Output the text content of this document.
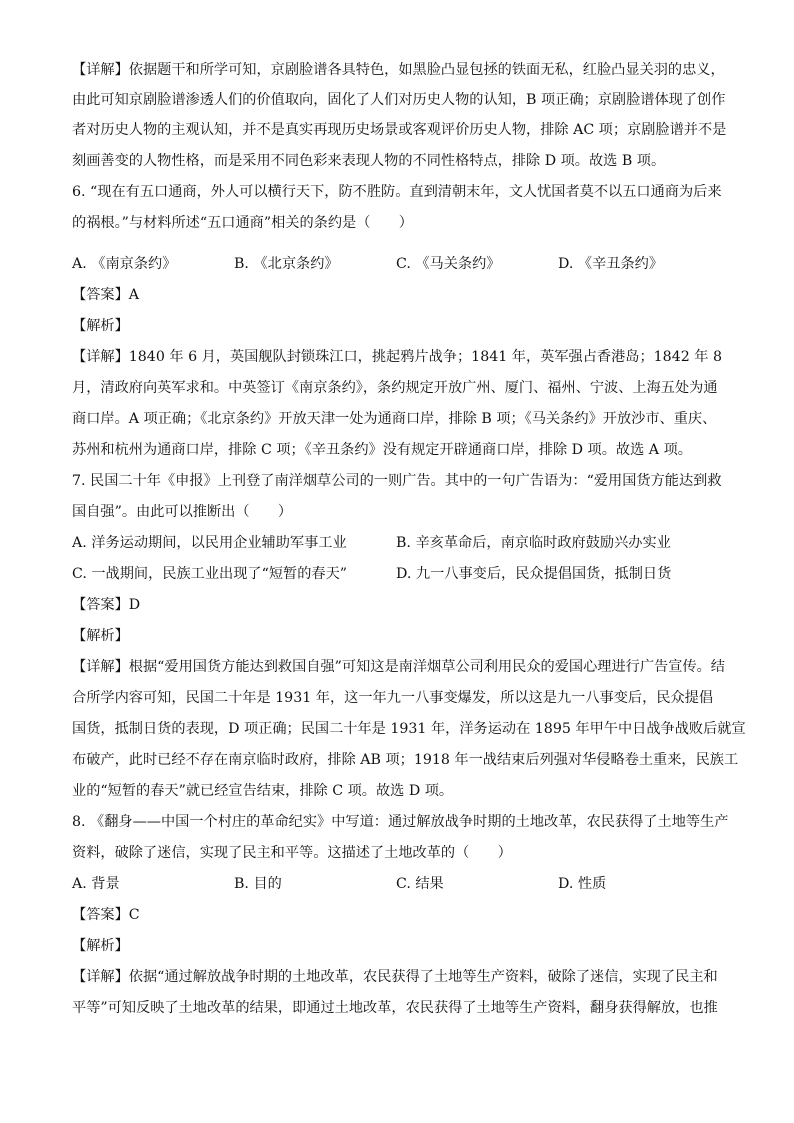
【详解】依据题干和所学可知，京剧脸谱各具特色，如黑脸凸显包拯的铁面无私，红脸凸显关羽的忠义，
由此可知京剧脸谱渗透人们的价值取向，固化了人们对历史人物的认知，B 项正确；京剧脸谱体现了创作
者对历史人物的主观认知，并不是真实再现历史场景或客观评价历史人物，排除 AC 项；京剧脸谱并不是
刻画善变的人物性格，而是采用不同色彩来表现人物的不同性格特点，排除 D 项。故选 B 项。
6. “现在有五口通商，外人可以横行天下，防不胜防。直到清朝末年，文人忧国者莫不以五口通商为后来
的祸根。”与材料所述“五口通商”相关的条约是（　　）
A. 《南京条约》	B. 《北京条约》	C. 《马关条约》	D. 《辛丑条约》
【答案】A
【解析】
【详解】1840 年 6 月，英国舰队封锁珠江口，挑起鸦片战争；1841 年，英军强占香港岛；1842 年 8
月，清政府向英军求和。中英签订《南京条约》，条约规定开放广州、厦门、福州、宁波、上海五处为通
商口岸。A 项正确；《北京条约》开放天津一处为通商口岸，排除 B 项；《马关条约》开放沙市、重庆、
苏州和杭州为通商口岸，排除 C 项；《辛丑条约》没有规定开辟通商口岸，排除 D 项。故选 A 项。
7. 民国二十年《申报》上刊登了南洋烟草公司的一则广告。其中的一句广告语为：“爱用国货方能达到救
国自强”。由此可以推断出（　　）
A. 洋务运动期间，以民用企业辅助军事工业	B. 辛亥革命后，南京临时政府鼓励兴办实业
C. 一战期间，民族工业出现了“短暂的春天”	D. 九一八事变后，民众提倡国货，抵制日货
【答案】D
【解析】
【详解】根据“爱用国货方能达到救国自强”可知这是南洋烟草公司利用民众的爱国心理进行广告宣传。结
合所学内容可知，民国二十年是 1931 年，这一年九一八事变爆发，所以这是九一八事变后，民众提倡
国货，抵制日货的表现，D 项正确；民国二十年是 1931 年，洋务运动在 1895 年甲午中日战争战败后就宣
布破产，此时已经不存在南京临时政府，排除 AB 项；1918 年一战结束后列强对华侵略卷土重来，民族工
业的“短暂的春天”就已经宣告结束，排除 C 项。故选 D 项。
8. 《翻身——中国一个村庄的革命纪实》中写道：通过解放战争时期的土地改革，农民获得了土地等生产
资料，破除了迷信，实现了民主和平等。这描述了土地改革的（　　）
A. 背景	B. 目的	C. 结果	D. 性质
【答案】C
【解析】
【详解】依据“通过解放战争时期的土地改革，农民获得了土地等生产资料，破除了迷信，实现了民主和
平等”可知反映了土地改革的结果，即通过土地改革，农民获得了土地等生产资料，翻身获得解放，也推
